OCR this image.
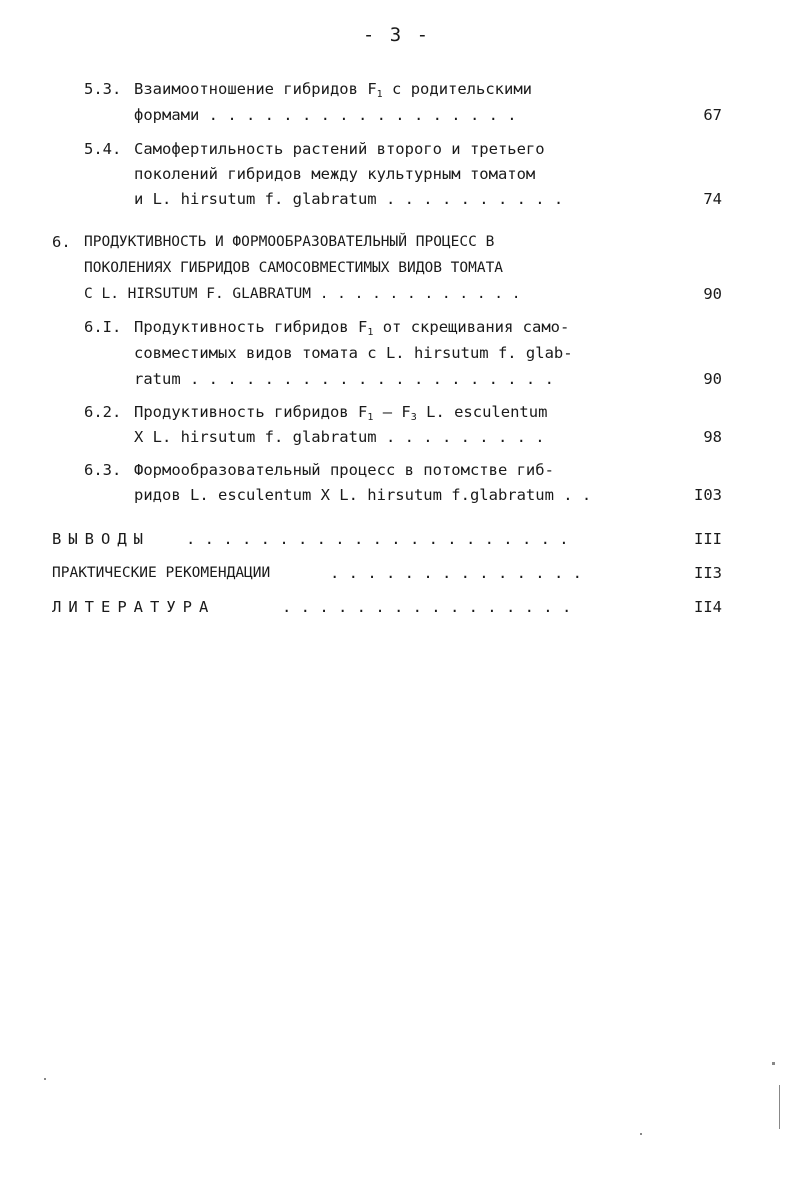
- 3 -
5.3. Взаимоотношение гибридов $F_1$ с родительскими
формами . . . . . . . . . . . . . . . . .	67
5.4. Самофертильность растений второго и третьего
поколений гибридов между культурным томатом
и L. hirsutum f. glabratum . . . . . . . . . .	74
6. ПРОДУКТИВНОСТЬ И ФОРМООБРАЗОВАТЕЛЬНЫЙ ПРОЦЕСС В
ПОКОЛЕНИЯХ ГИБРИДОВ САМОСОВМЕСТИМЫХ ВИДОВ ТОМАТА
С L. HIRSUTUM F. GLABRATUM . . . . . . . . . . . .	90
6.I. Продуктивность гибридов $F_1$ от скрещивания само-
совместимых видов томата с L. hirsutum f. glab-
ratum . . . . . . . . . . . . . . . . . . . .	90
6.2. Продуктивность гибридов $F_1 - F_3$ L. esculentum
X L. hirsutum f. glabratum . . . . . . . . .	98
6.3. Формообразовательный процесс в потомстве гиб-
ридов L. esculentum X L. hirsutum f.glabratum . .	I03
ВЫВОДЫ . . . . . . . . . . . . . . . . . . . . .	III
ПРАКТИЧЕСКИЕ РЕКОМЕНДАЦИИ	. . . . . . . . . . . . . .	II3
ЛИТЕРАТУРА	. . . . . . . . . . . . . . . .	II4
